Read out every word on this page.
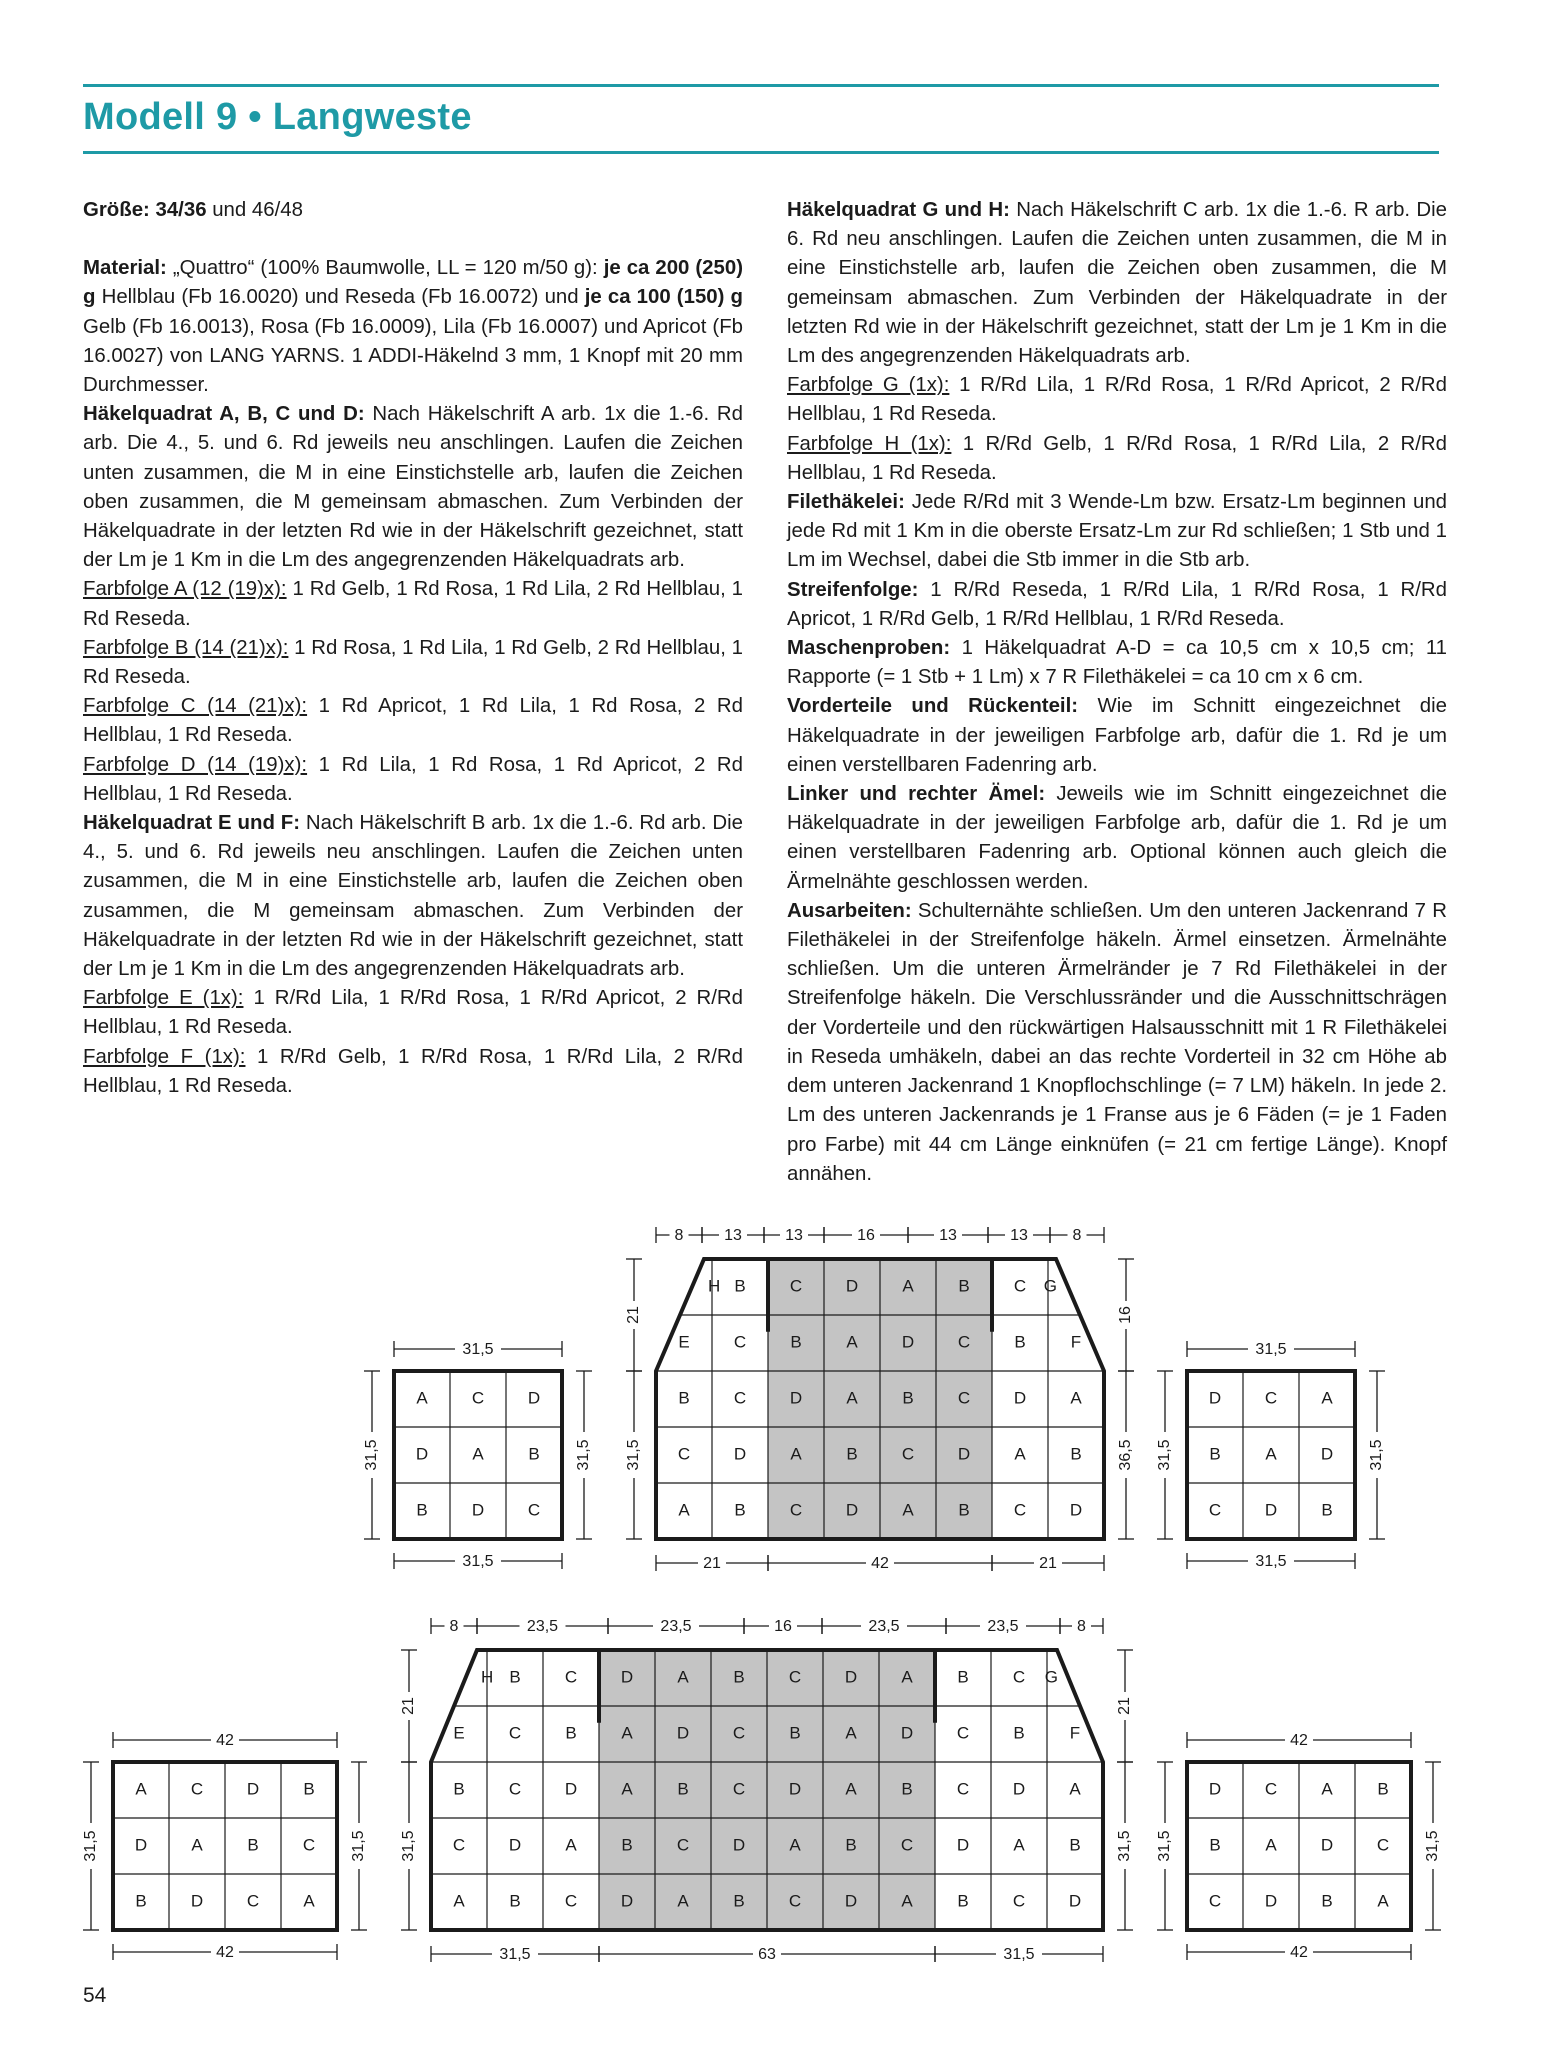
Modell 9 • Langweste

Größe: 34/36 und 46/48

Material: „Quattro“ (100% Baumwolle, LL = 120 m/50 g): je ca 200 (250) g Hellblau (Fb 16.0020) und Reseda (Fb 16.0072) und je ca 100 (150) g Gelb (Fb 16.0013), Rosa (Fb 16.0009), Lila (Fb 16.0007) und Apricot (Fb 16.0027) von LANG YARNS. 1 ADDI-Häkelnd 3 mm, 1 Knopf mit 20 mm Durchmesser.

Häkelquadrat A, B, C und D: Nach Häkelschrift A arb. 1x die 1.-6. Rd arb. Die 4., 5. und 6. Rd jeweils neu anschlingen. Laufen die Zeichen unten zusammen, die M in eine Einstichstelle arb, laufen die Zeichen oben zusammen, die M gemeinsam abmaschen. Zum Verbinden der Häkelquadrate in der letzten Rd wie in der Häkelschrift gezeichnet, statt der Lm je 1 Km in die Lm des angegrenzenden Häkelquadrats arb.

Farbfolge A (12 (19)x): 1 Rd Gelb, 1 Rd Rosa, 1 Rd Lila, 2 Rd Hellblau, 1 Rd Reseda.

Farbfolge B (14 (21)x): 1 Rd Rosa, 1 Rd Lila, 1 Rd Gelb, 2 Rd Hellblau, 1 Rd Reseda.

Farbfolge C (14 (21)x): 1 Rd Apricot, 1 Rd Lila, 1 Rd Rosa, 2 Rd Hellblau, 1 Rd Reseda.

Farbfolge D (14 (19)x): 1 Rd Lila, 1 Rd Rosa, 1 Rd Apricot, 2 Rd Hellblau, 1 Rd Reseda.

Häkelquadrat E und F: Nach Häkelschrift B arb. 1x die 1.-6. Rd arb. Die 4., 5. und 6. Rd jeweils neu anschlingen. Laufen die Zeichen unten zusammen, die M in eine Einstichstelle arb, laufen die Zeichen oben zusammen, die M gemeinsam abmaschen. Zum Verbinden der Häkelquadrate in der letzten Rd wie in der Häkelschrift gezeichnet, statt der Lm je 1 Km in die Lm des angegrenzenden Häkelquadrats arb.

Farbfolge E (1x): 1 R/Rd Lila, 1 R/Rd Rosa, 1 R/Rd Apricot, 2 R/Rd Hellblau, 1 Rd Reseda.

Farbfolge F (1x): 1 R/Rd Gelb, 1 R/Rd Rosa, 1 R/Rd Lila, 2 R/Rd Hellblau, 1 Rd Reseda.

Häkelquadrat G und H: Nach Häkelschrift C arb. 1x die 1.-6. R arb. Die 6. Rd neu anschlingen. Laufen die Zeichen unten zusammen, die M in eine Einstichstelle arb, laufen die Zeichen oben zusammen, die M gemeinsam abmaschen. Zum Verbinden der Häkelquadrate in der letzten Rd wie in der Häkelschrift gezeichnet, statt der Lm je 1 Km in die Lm des angegrenzenden Häkelquadrats arb.

Farbfolge G (1x): 1 R/Rd Lila, 1 R/Rd Rosa, 1 R/Rd Apricot, 2 R/Rd Hellblau, 1 Rd Reseda.

Farbfolge H (1x): 1 R/Rd Gelb, 1 R/Rd Rosa, 1 R/Rd Lila, 2 R/Rd Hellblau, 1 Rd Reseda.

Filethäkelei: Jede R/Rd mit 3 Wende-Lm bzw. Ersatz-Lm beginnen und jede Rd mit 1 Km in die oberste Ersatz-Lm zur Rd schließen; 1 Stb und 1 Lm im Wechsel, dabei die Stb immer in die Stb arb.

Streifenfolge: 1 R/Rd Reseda, 1 R/Rd Lila, 1 R/Rd Rosa, 1 R/Rd Apricot, 1 R/Rd Gelb, 1 R/Rd Hellblau, 1 R/Rd Reseda.

Maschenproben: 1 Häkelquadrat A-D = ca 10,5 cm x 10,5 cm; 11 Rapporte (= 1 Stb + 1 Lm) x 7 R Filethäkelei = ca 10 cm x 6 cm.

Vorderteile und Rückenteil: Wie im Schnitt eingezeichnet die Häkelquadrate in der jeweiligen Farbfolge arb, dafür die 1. Rd je um einen verstellbaren Fadenring arb.

Linker und rechter Ämel: Jeweils wie im Schnitt eingezeichnet die Häkelquadrate in der jeweiligen Farbfolge arb, dafür die 1. Rd je um einen verstellbaren Fadenring arb. Optional können auch gleich die Ärmelnähte geschlossen werden.

Ausarbeiten: Schulternähte schließen. Um den unteren Jackenrand 7 R Filethäkelei in der Streifenfolge häkeln. Ärmel einsetzen. Ärmelnähte schließen. Um die unteren Ärmelränder je 7 Rd Filethäkelei in der Streifenfolge häkeln. Die Verschlussränder und die Ausschnittschrägen der Vorderteile und den rückwärtigen Halsausschnitt mit 1 R Filethäkelei in Reseda umhäkeln, dabei an das rechte Vorderteil in 32 cm Höhe ab dem unteren Jackenrand 1 Knopflochschlinge (= 7 LM) häkeln. In jede 2. Lm des unteren Jackenrands je 1 Franse aus je 6 Fäden (= je 1 Faden pro Farbe) mit 44 cm Länge einknüfen (= 21 cm fertige Länge). Knopf annähen.

A	C	D
D	A	B
B	D	C
31,5
31,5
31,5	31,5
D	C	A
B	A	D
C	D	B
31,5
31,5
31,5	31,5
H B	C	D	A	B	C G
E	C	B	A	D	C	B	F
B	C	D	A	B	C	D	A
C	D	A	B	C	D	A	B
A	B	C	D	A	B	C	D
8	13	13	16	13	13	8
21	42	21
21
31,5
16
36,5
A	C	D	B
D	A	B	C
B	D	C	A
42
42
31,5	31,5
D	C	A	B
B	A	D	C
C	D	B	A
42
42
31,5	31,5
H B	C	D	A	B	C	D	A	B	C G
E	C	B	A	D	C	B	A	D	C	B	F
B	C	D	A	B	C	D	A	B	C	D	A
C	D	A	B	C	D	A	B	C	D	A	B
A	B	C	D	A	B	C	D	A	B	C	D
8	23,5	23,5	16	23,5	23,5	8
31,5	63	31,5
21
31,5
21
31,5
54
